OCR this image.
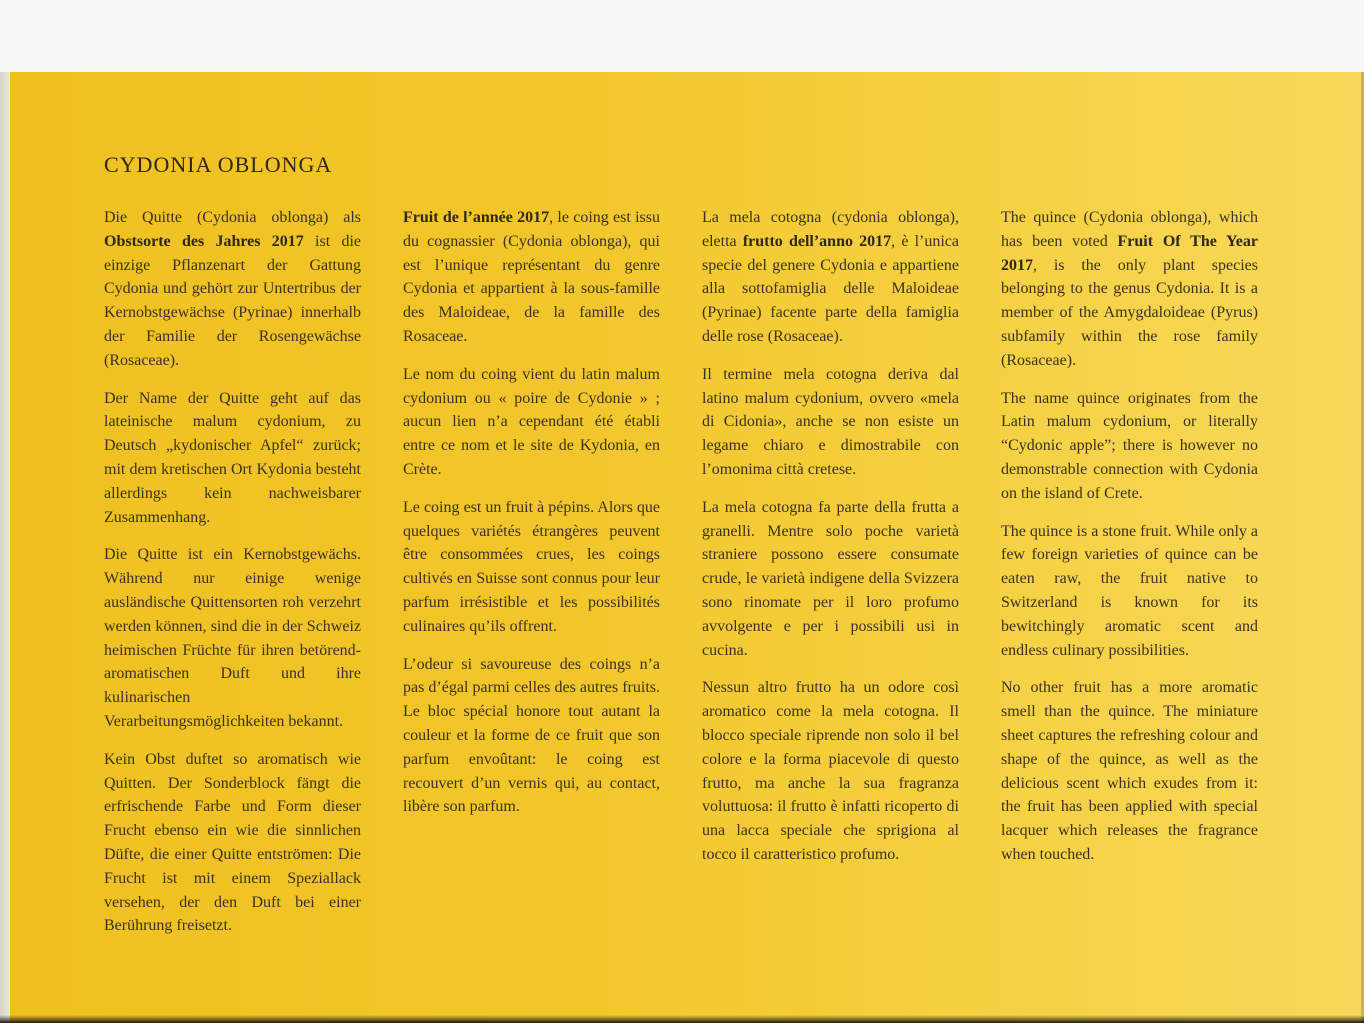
CYDONIA OBLONGA

Die Quitte (Cydonia oblonga) als Obstsorte des Jahres 2017 ist die einzige Pflanzenart der Gattung Cydonia und gehört zur Untertribus der Kernobstgewächse (Pyrinae) innerhalb der Familie der Rosengewächse (Rosaceae).

Der Name der Quitte geht auf das lateinische malum cydonium, zu Deutsch „kydonischer Apfel“ zurück; mit dem kretischen Ort Kydonia besteht allerdings kein nachweisbarer Zusammenhang.

Die Quitte ist ein Kernobstgewächs. Während nur einige wenige ausländische Quittensorten roh verzehrt werden können, sind die in der Schweiz heimischen Früchte für ihren betörend-aromatischen Duft und ihre kulinarischen Verarbeitungsmöglichkeiten bekannt.

Kein Obst duftet so aromatisch wie Quitten. Der Sonderblock fängt die erfrischende Farbe und Form dieser Frucht ebenso ein wie die sinnlichen Düfte, die einer Quitte entströmen: Die Frucht ist mit einem Speziallack versehen, der den Duft bei einer Berührung freisetzt.

Fruit de l’année 2017, le coing est issu du cognassier (Cydonia oblonga), qui est l’unique représentant du genre Cydonia et appartient à la sous-famille des Maloideae, de la famille des Rosaceae.

Le nom du coing vient du latin malum cydonium ou « poire de Cydonie » ; aucun lien n’a cependant été établi entre ce nom et le site de Kydonia, en Crète.

Le coing est un fruit à pépins. Alors que quelques variétés étrangères peuvent être consommées crues, les coings cultivés en Suisse sont connus pour leur parfum irrésistible et les possibilités culinaires qu’ils offrent.

L’odeur si savoureuse des coings n’a pas d’égal parmi celles des autres fruits. Le bloc spécial honore tout autant la couleur et la forme de ce fruit que son parfum envoûtant: le coing est recouvert d’un vernis qui, au contact, libère son parfum.

La mela cotogna (cydonia oblonga), eletta frutto dell’anno 2017, è l’unica specie del genere Cydonia e appartiene alla sottofamiglia delle Maloideae (Pyrinae) facente parte della famiglia delle rose (Rosaceae).

Il termine mela cotogna deriva dal latino malum cydonium, ovvero «mela di Cidonia», anche se non esiste un legame chiaro e dimostrabile con l’omonima città cretese.

La mela cotogna fa parte della frutta a granelli. Mentre solo poche varietà straniere possono essere consumate crude, le varietà indigene della Svizzera sono rinomate per il loro profumo avvolgente e per i possibili usi in cucina.

Nessun altro frutto ha un odore così aromatico come la mela cotogna. Il blocco speciale riprende non solo il bel colore e la forma piacevole di questo frutto, ma anche la sua fragranza voluttuosa: il frutto è infatti ricoperto di una lacca speciale che sprigiona al tocco il caratteristico profumo.

The quince (Cydonia oblonga), which has been voted Fruit Of The Year 2017, is the only plant species belonging to the genus Cydonia. It is a member of the Amygdaloideae (Pyrus) subfamily within the rose family (Rosaceae).

The name quince originates from the Latin malum cydonium, or literally “Cydonic apple”; there is however no demonstrable connection with Cydonia on the island of Crete.

The quince is a stone fruit. While only a few foreign varieties of quince can be eaten raw, the fruit native to Switzerland is known for its bewitchingly aromatic scent and endless culinary possibilities.

No other fruit has a more aromatic smell than the quince. The miniature sheet captures the refreshing colour and shape of the quince, as well as the delicious scent which exudes from it: the fruit has been applied with special lacquer which releases the fragrance when touched.
